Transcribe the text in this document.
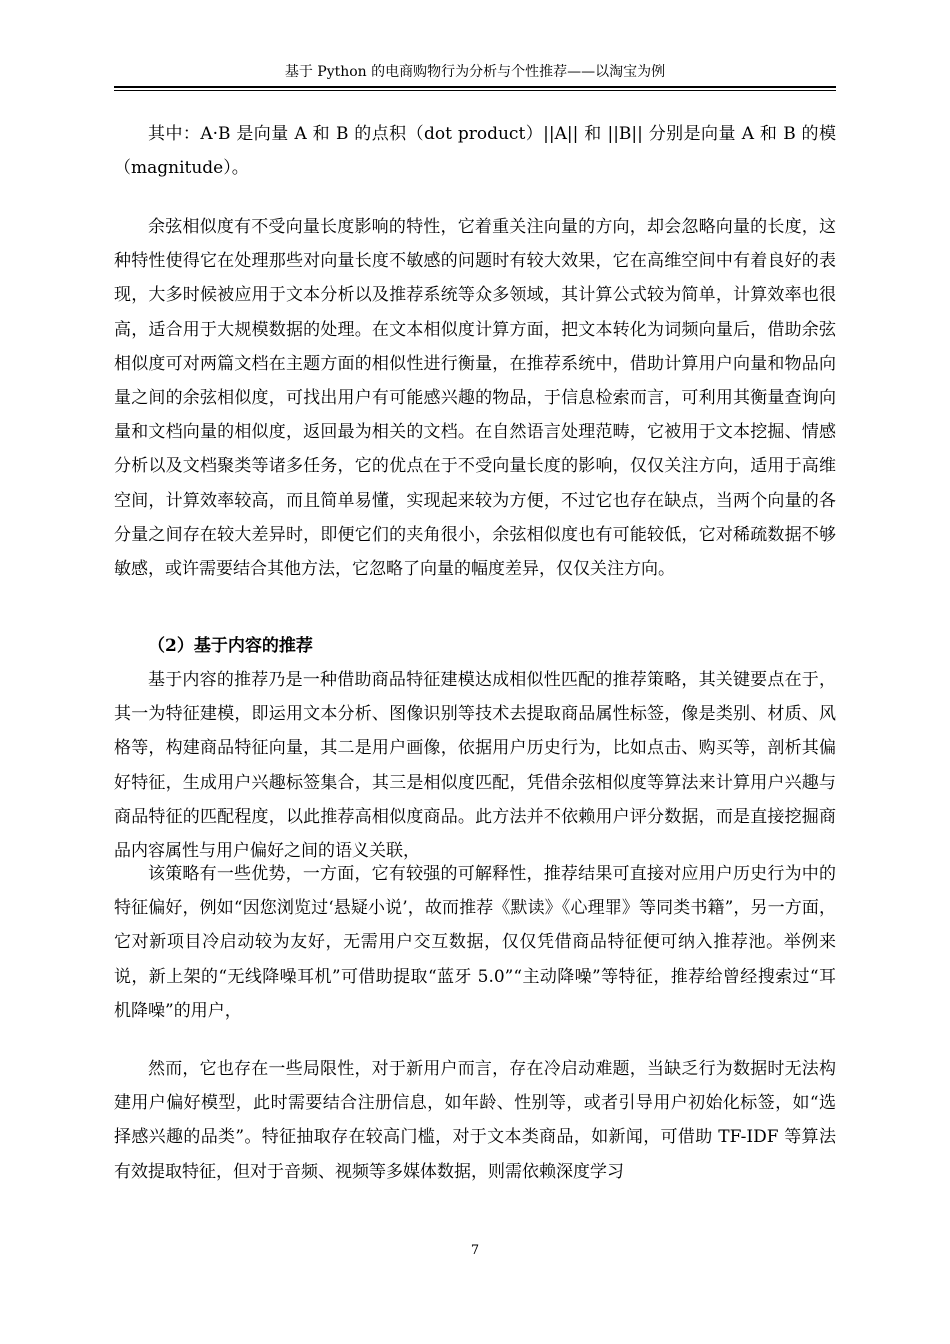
基于 Python 的电商购物行为分析与个性推荐——以淘宝为例

其中：A·B 是向量 A 和 B 的点积（dot product）||A|| 和 ||B|| 分别是向量 A 和 B 的模（magnitude）。

余弦相似度有不受向量长度影响的特性，它着重关注向量的方向，却会忽略向量的长度，这种特性使得它在处理那些对向量长度不敏感的问题时有较大效果，它在高维空间中有着良好的表现，大多时候被应用于文本分析以及推荐系统等众多领域，其计算公式较为简单，计算效率也很高，适合用于大规模数据的处理。在文本相似度计算方面，把文本转化为词频向量后，借助余弦相似度可对两篇文档在主题方面的相似性进行衡量，在推荐系统中，借助计算用户向量和物品向量之间的余弦相似度，可找出用户有可能感兴趣的物品，于信息检索而言，可利用其衡量查询向量和文档向量的相似度，返回最为相关的文档。在自然语言处理范畴，它被用于文本挖掘、情感分析以及文档聚类等诸多任务，它的优点在于不受向量长度的影响，仅仅关注方向，适用于高维空间，计算效率较高，而且简单易懂，实现起来较为方便，不过它也存在缺点，当两个向量的各分量之间存在较大差异时，即便它们的夹角很小，余弦相似度也有可能较低，它对稀疏数据不够敏感，或许需要结合其他方法，它忽略了向量的幅度差异，仅仅关注方向。

（2）基于内容的推荐

基于内容的推荐乃是一种借助商品特征建模达成相似性匹配的推荐策略，其关键要点在于，其一为特征建模，即运用文本分析、图像识别等技术去提取商品属性标签，像是类别、材质、风格等，构建商品特征向量，其二是用户画像，依据用户历史行为，比如点击、购买等，剖析其偏好特征，生成用户兴趣标签集合，其三是相似度匹配，凭借余弦相似度等算法来计算用户兴趣与商品特征的匹配程度，以此推荐高相似度商品。此方法并不依赖用户评分数据，而是直接挖掘商品内容属性与用户偏好之间的语义关联，

该策略有一些优势，一方面，它有较强的可解释性，推荐结果可直接对应用户历史行为中的特征偏好，例如“因您浏览过‘悬疑小说’，故而推荐《默读》《心理罪》等同类书籍”，另一方面，它对新项目冷启动较为友好，无需用户交互数据，仅仅凭借商品特征便可纳入推荐池。举例来说，新上架的“无线降噪耳机”可借助提取“蓝牙 5.0”“主动降噪”等特征，推荐给曾经搜索过“耳机降噪”的用户，

然而，它也存在一些局限性，对于新用户而言，存在冷启动难题，当缺乏行为数据时无法构建用户偏好模型，此时需要结合注册信息，如年龄、性别等，或者引导用户初始化标签，如“选择感兴趣的品类”。特征抽取存在较高门槛，对于文本类商品，如新闻，可借助 TF-IDF 等算法有效提取特征，但对于音频、视频等多媒体数据，则需依赖深度学习

7
